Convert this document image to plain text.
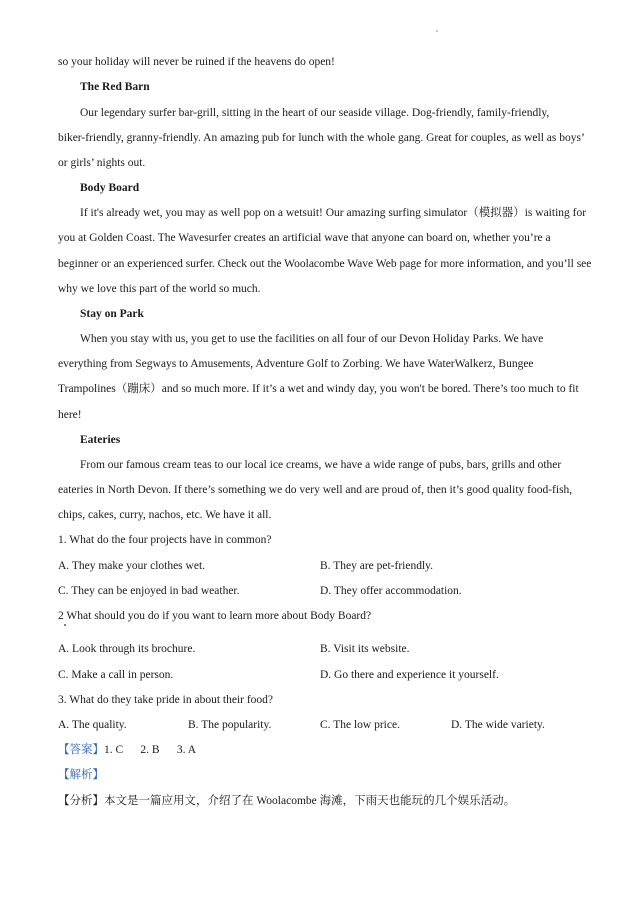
so your holiday will never be ruined if the heavens do open!
The Red Barn
Our legendary surfer bar-grill, sitting in the heart of our seaside village. Dog-friendly, family-friendly,
biker-friendly, granny-friendly. An amazing pub for lunch with the whole gang. Great for couples, as well as boys’
or girls’ nights out.
Body Board
If it's already wet, you may as well pop on a wetsuit! Our amazing surfing simulator（模拟器）is waiting for
you at Golden Coast. The Wavesurfer creates an artificial wave that anyone can board on, whether you’re a
beginner or an experienced surfer. Check out the Woolacombe Wave Web page for more information, and you’ll see
why we love this part of the world so much.
Stay on Park
When you stay with us, you get to use the facilities on all four of our Devon Holiday Parks. We have
everything from Segways to Amusements, Adventure Golf to Zorbing. We have WaterWalkerz, Bungee
Trampolines（蹦床）and so much more. If it’s a wet and windy day, you won't be bored. There’s too much to fit
here!
Eateries
From our famous cream teas to our local ice creams, we have a wide range of pubs, bars, grills and other
eateries in North Devon. If there’s something we do very well and are proud of, then it’s good quality food-fish,
chips, cakes, curry, nachos, etc. We have it all.
1. What do the four projects have in common?
A. They make your clothes wet.	B. They are pet-friendly.
C. They can be enjoyed in bad weather.	D. They offer accommodation.
2 What should you do if you want to learn more about Body Board?
A. Look through its brochure.	B. Visit its website.
C. Make a call in person.	D. Go there and experience it yourself.
3. What do they take pride in about their food?
A. The quality.	B. The popularity.	C. The low price.	D. The wide variety.
【答案】1. C      2. B      3. A
【解析】
【分析】本文是一篇应用文，介绍了在 Woolacombe 海滩，下雨天也能玩的几个娱乐活动。
